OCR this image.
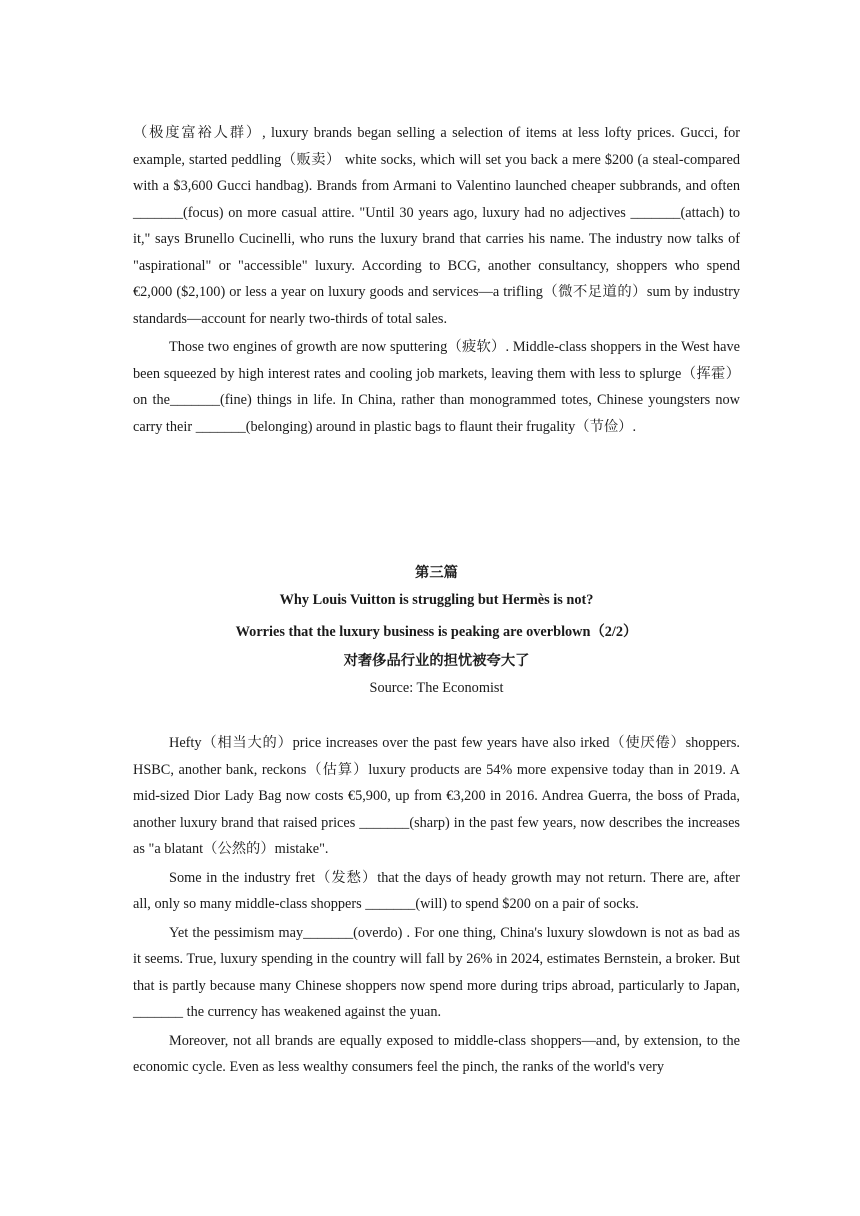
（极度富裕人群）, luxury brands began selling a selection of items at less lofty prices. Gucci, for example, started peddling（贩卖） white socks, which will set you back a mere $200 (a steal-compared with a $3,600 Gucci handbag). Brands from Armani to Valentino launched cheaper subbrands, and often _______(focus) on more casual attire. "Until 30 years ago, luxury had no adjectives _______(attach) to it," says Brunello Cucinelli, who runs the luxury brand that carries his name. The industry now talks of "aspirational" or "accessible" luxury. According to BCG, another consultancy, shoppers who spend €2,000 ($2,100) or less a year on luxury goods and services—a trifling（微不足道的）sum by industry standards—account for nearly two-thirds of total sales.

Those two engines of growth are now sputtering（疲软）. Middle-class shoppers in the West have been squeezed by high interest rates and cooling job markets, leaving them with less to splurge（挥霍）on the_______(fine) things in life. In China, rather than monogrammed totes, Chinese youngsters now carry their _______(belonging) around in plastic bags to flaunt their frugality（节俭）.

第三篇
Why Louis Vuitton is struggling but Hermès is not?
Worries that the luxury business is peaking are overblown（2/2）
对奢侈品行业的担忧被夸大了
Source: The Economist

Hefty（相当大的）price increases over the past few years have also irked（使厌倦）shoppers. HSBC, another bank, reckons（估算）luxury products are 54% more expensive today than in 2019. A mid-sized Dior Lady Bag now costs €5,900, up from €3,200 in 2016. Andrea Guerra, the boss of Prada, another luxury brand that raised prices _______(sharp) in the past few years, now describes the increases as "a blatant（公然的）mistake".

Some in the industry fret（发愁）that the days of heady growth may not return. There are, after all, only so many middle-class shoppers _______(will) to spend $200 on a pair of socks.

Yet the pessimism may_______(overdo) . For one thing, China's luxury slowdown is not as bad as it seems. True, luxury spending in the country will fall by 26% in 2024, estimates Bernstein, a broker. But that is partly because many Chinese shoppers now spend more during trips abroad, particularly to Japan, _______ the currency has weakened against the yuan.

Moreover, not all brands are equally exposed to middle-class shoppers—and, by extension, to the economic cycle. Even as less wealthy consumers feel the pinch, the ranks of the world's very
